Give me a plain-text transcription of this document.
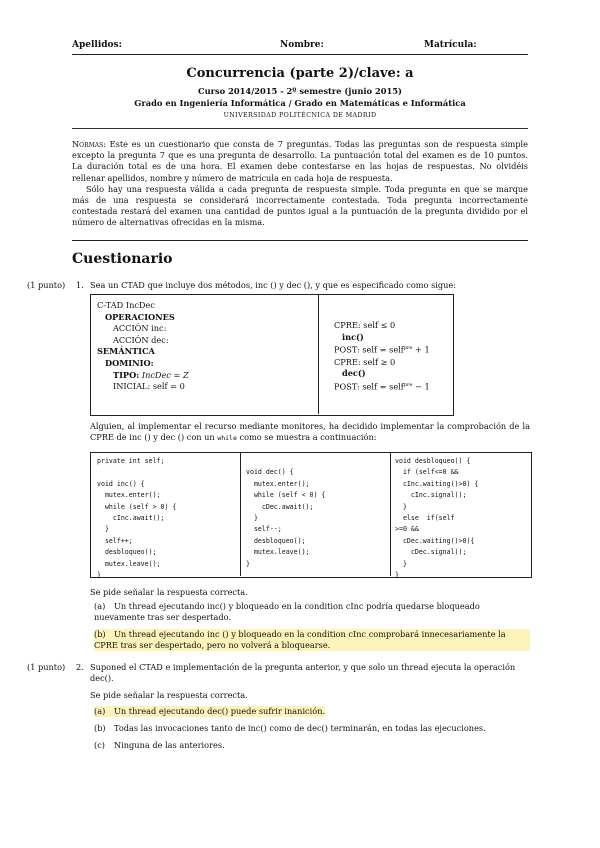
Apellidos:	Nombre:	Matrícula:
Concurrencia (parte 2)/clave: a
Curso 2014/2015 - 2º semestre (junio 2015)
Grado en Ingeniería Informática / Grado en Matemáticas e Informática
UNIVERSIDAD POLITÉCNICA DE MADRID

Normas: Este es un cuestionario que consta de 7 preguntas. Todas las preguntas son de respuesta simple excepto la pregunta 7 que es una pregunta de desarrollo. La puntuación total del examen es de 10 puntos. La duración total es de una hora. El examen debe contestarse en las hojas de respuestas. No olvidéis rellenar apellidos, nombre y número de matrícula en cada hoja de respuesta.

Sólo hay una respuesta válida a cada pregunta de respuesta simple. Toda pregunta en que se marque más de una respuesta se considerará incorrectamente contestada. Toda pregunta incorrectamente contestada restará del examen una cantidad de puntos igual a la puntuación de la pregunta dividido por el número de alternativas ofrecidas en la misma.

Cuestionario
(1 punto) 1. Sea un CTAD que incluye dos métodos, inc () y dec (), y que es especificado como sigue:
C-TAD IncDec
OPERACIONES
ACCIÓN inc:
ACCIÓN dec:
SEMÁNTICA
DOMINIO:
TIPO: IncDec = Z
INICIAL: self = 0
CPRE: self ≤ 0
inc()
POST: self = self$^{pre}$ + 1
CPRE: self ≥ 0
dec()
POST: self = self$^{pre}$ − 1
Alguien, al implementar el recurso mediante monitores, ha decidido implementar la comprobación de la CPRE de inc () y dec () con un while como se muestra a continuación:
private int self;

void inc() {
mutex.enter();
while (self > 0) {
cInc.await();
}
self++;
desbloqueo();
mutex.leave();
}

void dec() {
mutex.enter();
while (self < 0) {
cDec.await();
}
self--;
desbloqueo();
mutex.leave();
}
void desbloqueo() {
if (self<=0 &&
cInc.waiting()>0) {
cInc.signal();
}
else  if(self
>=0 &&
cDec.waiting()>0){
cDec.signal();
}
}
Se pide señalar la respuesta correcta.
(a) Un thread ejecutando inc() y bloqueado en la condition cInc podría quedarse bloqueado nuevamente tras ser despertado.
(b) Un thread ejecutando inc () y bloqueado en la condition cInc comprobará innecesariamente la CPRE tras ser despertado, pero no volverá a bloquearse.
(1 punto) 2. Suponed el CTAD e implementación de la pregunta anterior, y que solo un thread ejecuta la operación dec().
Se pide señalar la respuesta correcta.
(a) Un thread ejecutando dec() puede sufrir inanición.
(b) Todas las invocaciones tanto de inc() como de dec() terminarán, en todas las ejecuciones.
(c) Ninguna de las anteriores.
